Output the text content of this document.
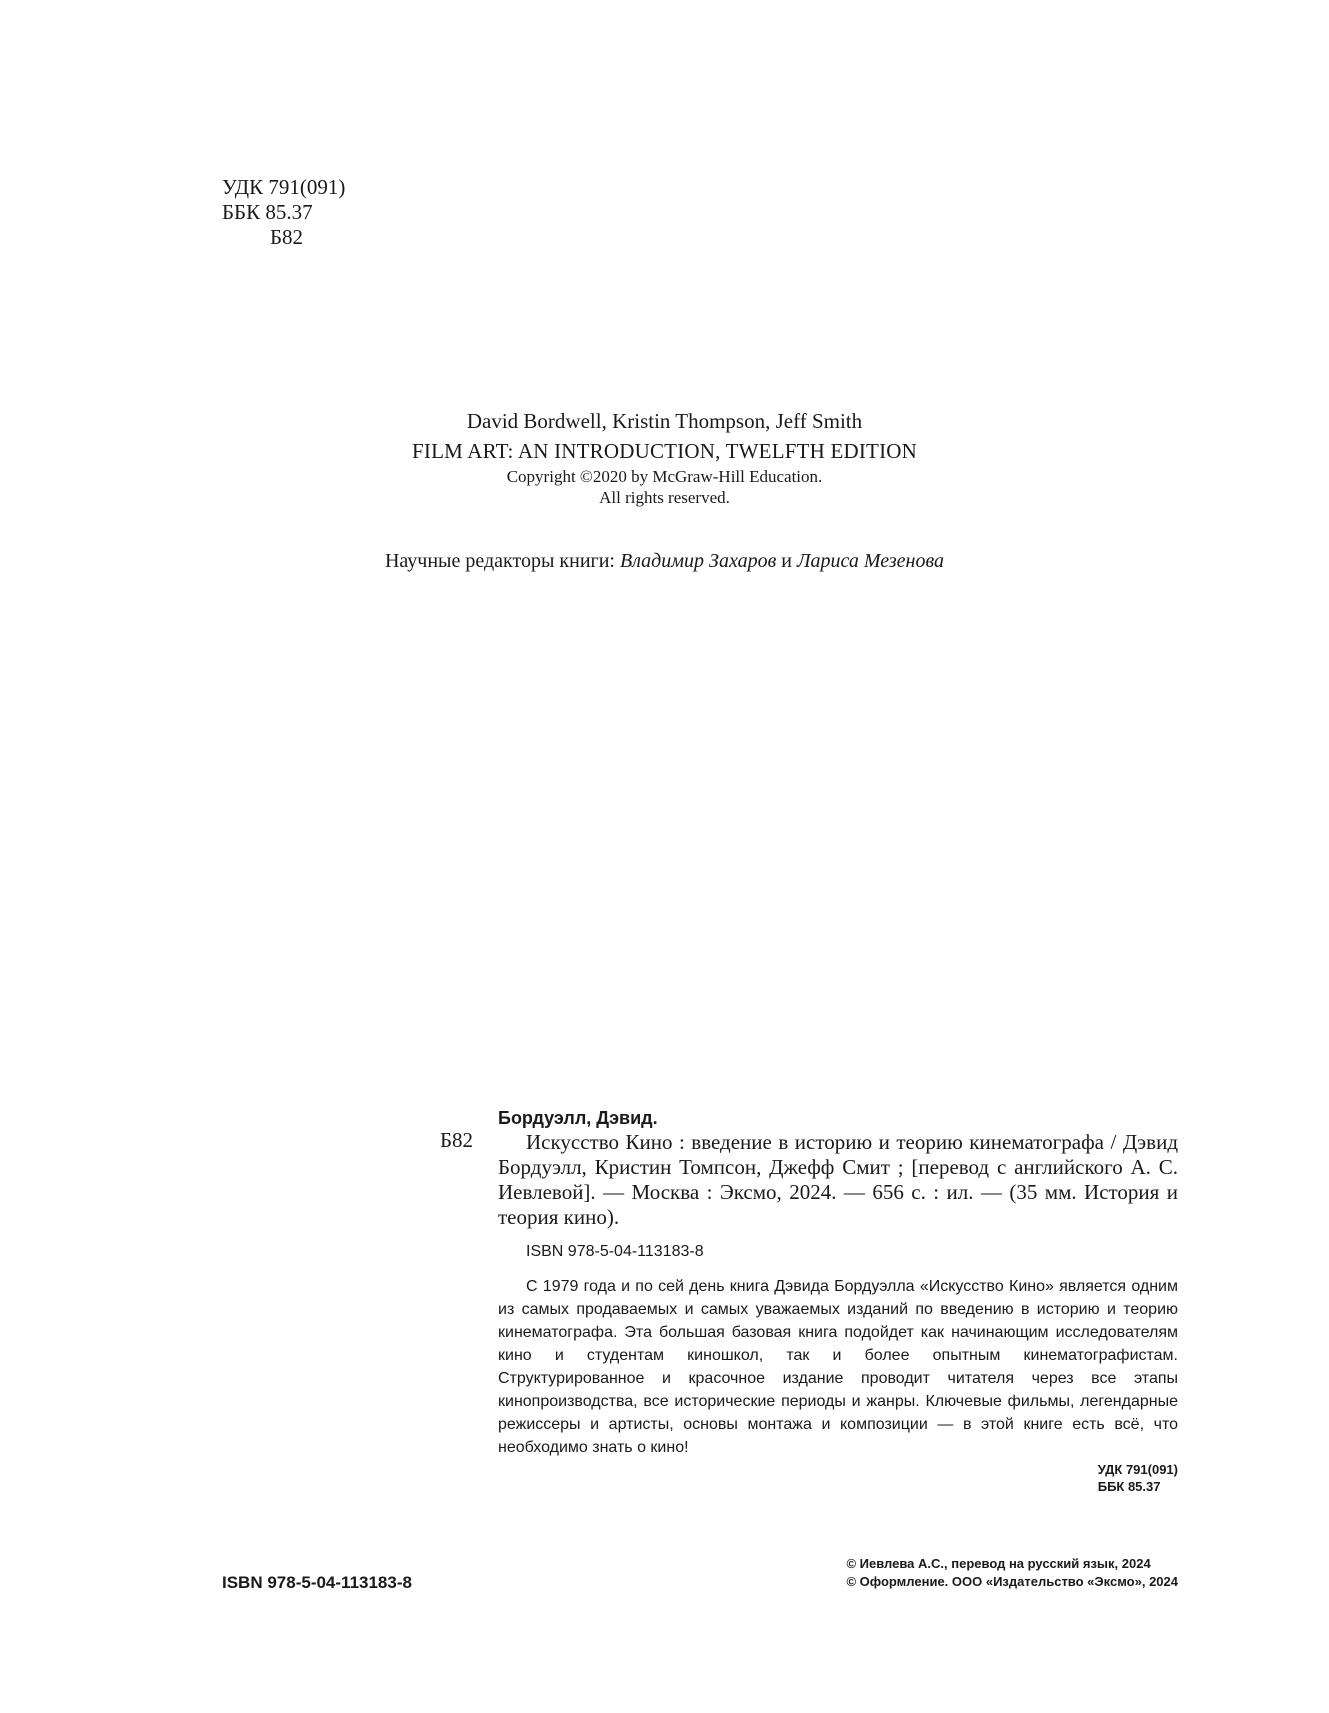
УДК 791(091)
ББК 85.37
Б82
David Bordwell, Kristin Thompson, Jeff Smith
FILM ART: AN INTRODUCTION, TWELFTH EDITION
Copyright ©2020 by McGraw-Hill Education.
All rights reserved.
Научные редакторы книги: Владимир Захаров и Лариса Мезенова
Б82
Бордуэлл, Дэвид.

Искусство Кино : введение в историю и теорию кинематографа / Дэвид Бордуэлл, Кристин Томпсон, Джефф Смит ; [перевод с английского А. С. Иевлевой]. — Москва : Эксмо, 2024. — 656 с. : ил. — (35 мм. История и теория кино).

ISBN 978-5-04-113183-8

С 1979 года и по сей день книга Дэвида Бордуэлла «Искусство Кино» является одним из самых продаваемых и самых уважаемых изданий по введению в историю и теорию кинематографа. Эта большая базовая книга подойдет как начинающим исследователям кино и студентам киношкол, так и более опытным кинематографистам. Структурированное и красочное издание проводит читателя через все этапы кинопроизводства, все исторические периоды и жанры. Ключевые фильмы, легендарные режиссеры и артисты, основы монтажа и композиции — в этой книге есть всё, что необходимо знать о кино!

УДК 791(091)
ББК 85.37
ISBN 978-5-04-113183-8
© Иевлева А.С., перевод на русский язык, 2024
© Оформление. ООО «Издательство «Эксмо», 2024
